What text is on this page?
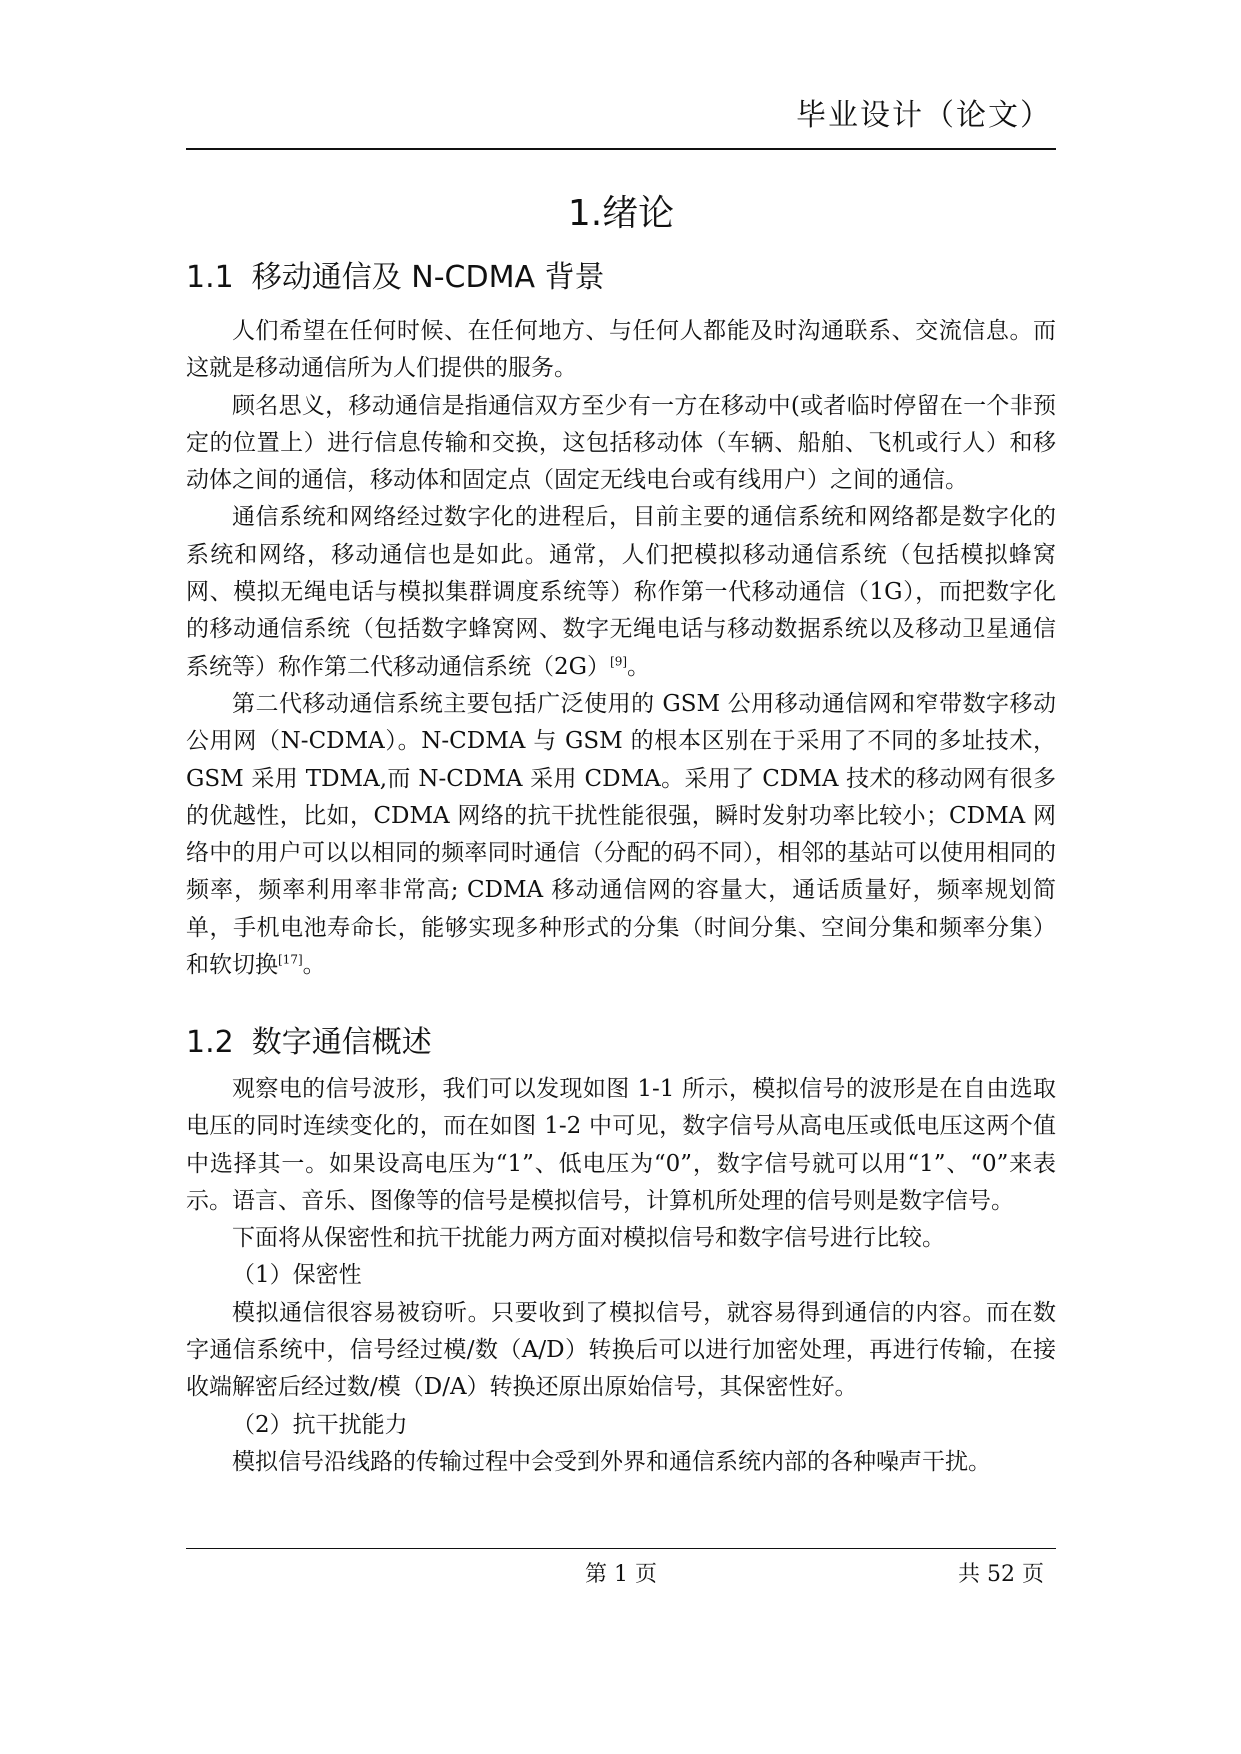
毕业设计（论文）
1.绪论
1.1 移动通信及 N-CDMA 背景

人们希望在任何时候、在任何地方、与任何人都能及时沟通联系、交流信息。而这就是移动通信所为人们提供的服务。

顾名思义，移动通信是指通信双方至少有一方在移动中(或者临时停留在一个非预定的位置上）进行信息传输和交换，这包括移动体（车辆、船舶、飞机或行人）和移动体之间的通信，移动体和固定点（固定无线电台或有线用户）之间的通信。

通信系统和网络经过数字化的进程后，目前主要的通信系统和网络都是数字化的系统和网络，移动通信也是如此。通常，人们把模拟移动通信系统（包括模拟蜂窝网、模拟无绳电话与模拟集群调度系统等）称作第一代移动通信（1G），而把数字化的移动通信系统（包括数字蜂窝网、数字无绳电话与移动数据系统以及移动卫星通信系统等）称作第二代移动通信系统（2G）[9]。

第二代移动通信系统主要包括广泛使用的 GSM 公用移动通信网和窄带数字移动公用网（N-CDMA）。N-CDMA 与 GSM 的根本区别在于采用了不同的多址技术，GSM 采用 TDMA,而 N-CDMA 采用 CDMA。采用了 CDMA 技术的移动网有很多的优越性，比如，CDMA 网络的抗干扰性能很强，瞬时发射功率比较小；CDMA 网络中的用户可以以相同的频率同时通信（分配的码不同），相邻的基站可以使用相同的频率，频率利用率非常高; CDMA 移动通信网的容量大，通话质量好，频率规划简单，手机电池寿命长，能够实现多种形式的分集（时间分集、空间分集和频率分集）和软切换[17]。

1.2 数字通信概述

观察电的信号波形，我们可以发现如图 1-1 所示，模拟信号的波形是在自由选取电压的同时连续变化的，而在如图 1-2 中可见，数字信号从高电压或低电压这两个值中选择其一。如果设高电压为“1”、低电压为“0”，数字信号就可以用“1”、“0”来表示。语言、音乐、图像等的信号是模拟信号，计算机所处理的信号则是数字信号。

下面将从保密性和抗干扰能力两方面对模拟信号和数字信号进行比较。

（1）保密性

模拟通信很容易被窃听。只要收到了模拟信号，就容易得到通信的内容。而在数字通信系统中，信号经过模/数（A/D）转换后可以进行加密处理，再进行传输，在接收端解密后经过数/模（D/A）转换还原出原始信号，其保密性好。

（2）抗干扰能力

模拟信号沿线路的传输过程中会受到外界和通信系统内部的各种噪声干扰。

第 1 页	共 52 页
